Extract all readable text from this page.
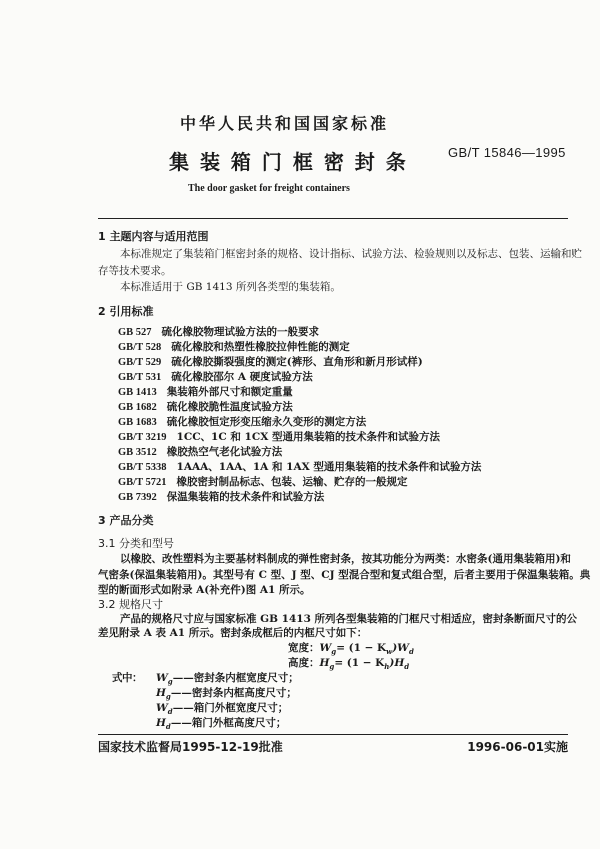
中华人民共和国国家标准
GB/T 15846—1995
集 装 箱 门 框 密 封 条
The door gasket for freight containers
1 主题内容与适用范围
本标准规定了集装箱门框密封条的规格、设计指标、试验方法、检验规则以及标志、包装、运输和贮
存等技术要求。
本标准适用于 GB 1413 所列各类型的集装箱。
2 引用标准
GB 527 硫化橡胶物理试验方法的一般要求
GB/T 528 硫化橡胶和热塑性橡胶拉伸性能的测定
GB/T 529 硫化橡胶撕裂强度的测定(裤形、直角形和新月形试样)
GB/T 531 硫化橡胶邵尔 A 硬度试验方法
GB 1413 集装箱外部尺寸和额定重量
GB 1682 硫化橡胶脆性温度试验方法
GB 1683 硫化橡胶恒定形变压缩永久变形的测定方法
GB/T 3219 1CC、1C 和 1CX 型通用集装箱的技术条件和试验方法
GB 3512 橡胶热空气老化试验方法
GB/T 5338 1AAA、1AA、1A 和 1AX 型通用集装箱的技术条件和试验方法
GB/T 5721 橡胶密封制品标志、包装、运输、贮存的一般规定
GB 7392 保温集装箱的技术条件和试验方法
3 产品分类
3.1 分类和型号
以橡胶、改性塑料为主要基材料制成的弹性密封条，按其功能分为两类：水密条(通用集装箱用)和
气密条(保温集装箱用)。其型号有 C 型、J 型、CJ 型混合型和复式组合型，后者主要用于保温集装箱。典
型的断面形式如附录 A(补充件)图 A1 所示。
3.2 规格尺寸
产品的规格尺寸应与国家标准 GB 1413 所列各型集装箱的门框尺寸相适应，密封条断面尺寸的公
差见附录 A 表 A1 所示。密封条成框后的内框尺寸如下：
宽度：$W_g= (1 - K_w)W_d$
高度：$H_g= (1 - K_h)H_d$
式中： $W_g——$密封条内框宽度尺寸；
$H_g——$密封条内框高度尺寸；
$W_d——$箱门外框宽度尺寸；
$H_d——$箱门外框高度尺寸；
国家技术监督局1995-12-19批准	1996-06-01实施
